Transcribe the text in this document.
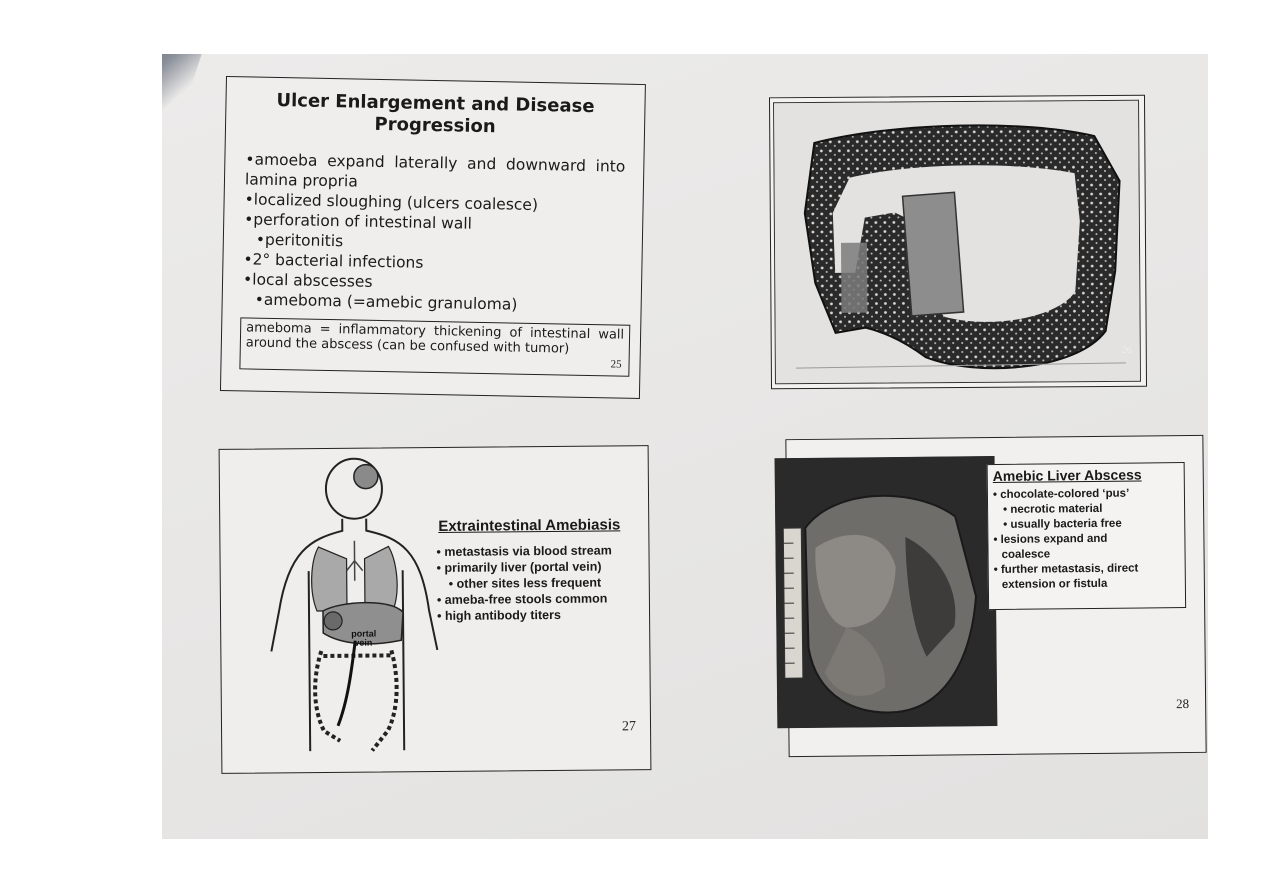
Ulcer Enlargement and Disease
Progression
•amoeba expand laterally and downward into lamina propria
•localized sloughing (ulcers coalesce)
•perforation of intestinal wall
•peritonitis
•2° bacterial infections
•local abscesses
•ameboma (=amebic granuloma)
ameboma = inflammatory thickening of intestinal wall around the abscess (can be confused with tumor)
25
26
portal
vein
Extraintestinal Amebiasis
• metastasis via blood stream
• primarily liver (portal vein)
• other sites less frequent
• ameba-free stools common
• high antibody titers
27
Amebic Liver Abscess
• chocolate-colored ‘pus’
• necrotic material
• usually bacteria free
• lesions expand and
coalesce
• further metastasis, direct
extension or fistula
28
